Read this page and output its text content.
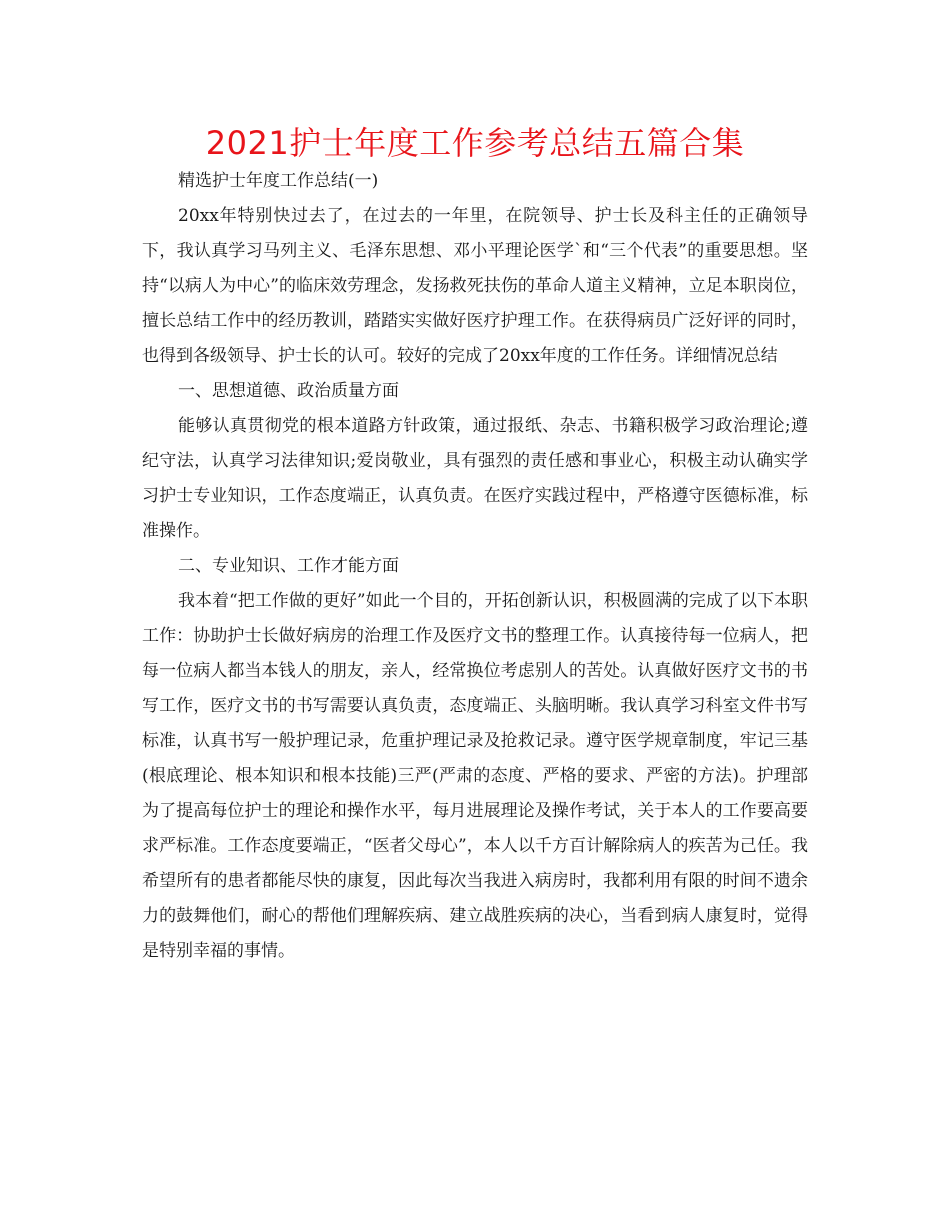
2021护士年度工作参考总结五篇合集

精选护士年度工作总结(一)

20xx年特别快过去了，在过去的一年里，在院领导、护士长及科主任的正确领导下，我认真学习马列主义、毛泽东思想、邓小平理论医学`和“三个代表”的重要思想。坚持“以病人为中心”的临床效劳理念，发扬救死扶伤的革命人道主义精神，立足本职岗位，擅长总结工作中的经历教训，踏踏实实做好医疗护理工作。在获得病员广泛好评的同时，也得到各级领导、护士长的认可。较好的完成了20xx年度的工作任务。详细情况总结

一、思想道德、政治质量方面

能够认真贯彻党的根本道路方针政策，通过报纸、杂志、书籍积极学习政治理论;遵纪守法，认真学习法律知识;爱岗敬业，具有强烈的责任感和事业心，积极主动认确实学习护士专业知识，工作态度端正，认真负责。在医疗实践过程中，严格遵守医德标准，标准操作。

二、专业知识、工作才能方面

我本着“把工作做的更好”如此一个目的，开拓创新认识，积极圆满的完成了以下本职工作：协助护士长做好病房的治理工作及医疗文书的整理工作。认真接待每一位病人，把每一位病人都当本钱人的朋友，亲人，经常换位考虑别人的苦处。认真做好医疗文书的书写工作，医疗文书的书写需要认真负责，态度端正、头脑明晰。我认真学习科室文件书写标准，认真书写一般护理记录，危重护理记录及抢救记录。遵守医学规章制度，牢记三基(根底理论、根本知识和根本技能)三严(严肃的态度、严格的要求、严密的方法)。护理部为了提高每位护士的理论和操作水平，每月进展理论及操作考试，关于本人的工作要高要求严标准。工作态度要端正，“医者父母心”，本人以千方百计解除病人的疾苦为己任。我希望所有的患者都能尽快的康复，因此每次当我进入病房时，我都利用有限的时间不遗余力的鼓舞他们，耐心的帮他们理解疾病、建立战胜疾病的决心，当看到病人康复时，觉得是特别幸福的事情。
